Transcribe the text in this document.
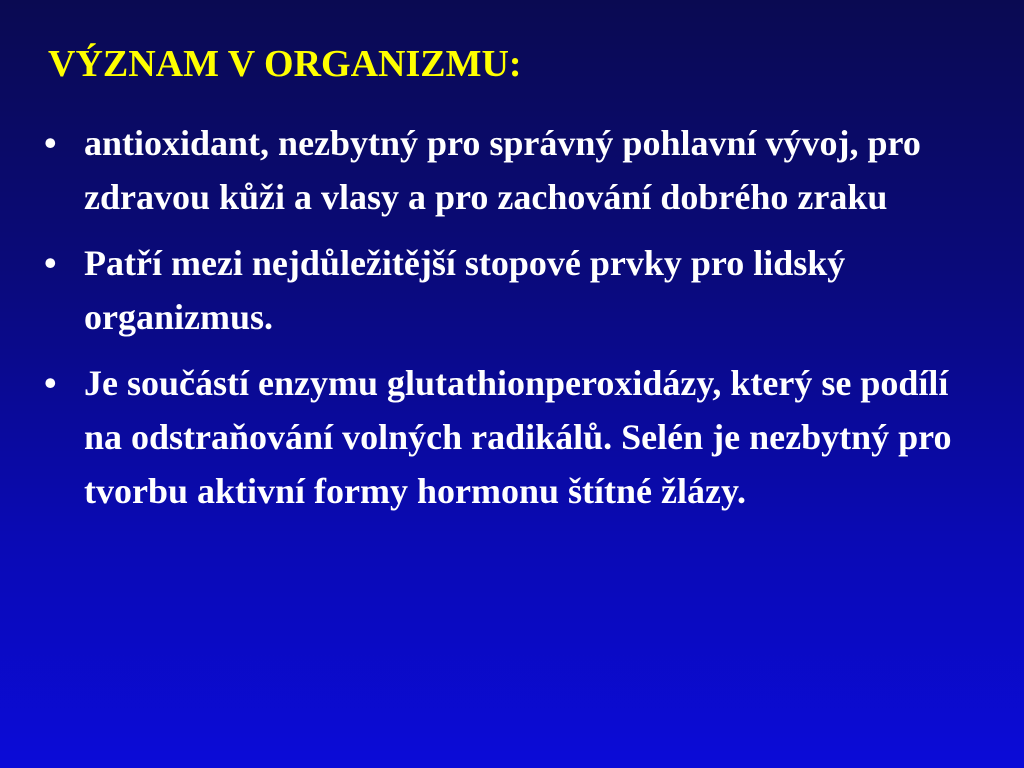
VÝZNAM V ORGANIZMU:
• antioxidant, nezbytný pro správný pohlavní vývoj, pro zdravou kůži a vlasy a pro zachování dobrého zraku
• Patří mezi nejdůležitější stopové prvky pro lidský organizmus.
• Je součástí enzymu glutathionperoxidázy, který se podílí na odstraňování volných radikálů. Selén je nezbytný pro tvorbu aktivní formy hormonu štítné žlázy.
